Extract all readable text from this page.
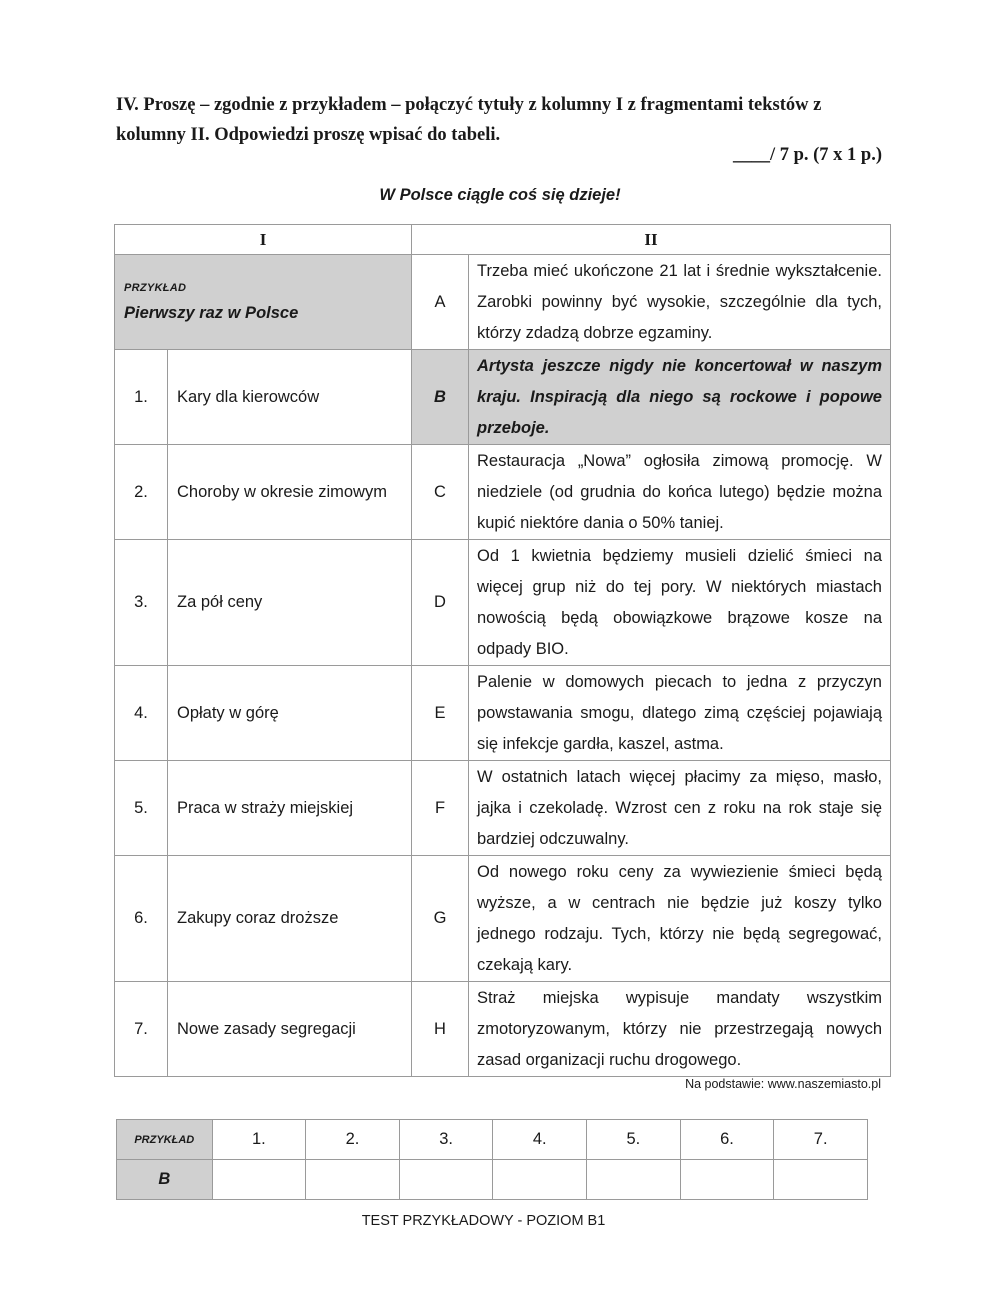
IV. Proszę – zgodnie z przykładem – połączyć tytuły z kolumny I z fragmentami tekstów z kolumny II. Odpowiedzi proszę wpisać do tabeli.
____/ 7 p. (7 x 1 p.)
W Polsce ciągle coś się dzieje!
I		II	

PRZYKŁAD
Pierwszy raz w Polsce		A	Trzeba mieć ukończone 21 lat i średnie wykształcenie. Zarobki powinny być wysokie, szczególnie dla tych, którzy zdadzą dobrze egzaminy.
1.	Kary dla kierowców	B	Artysta jeszcze nigdy nie koncertował w naszym kraju. Inspiracją dla niego są rockowe i popowe przeboje.
2.	Choroby w okresie zimowym	C	Restauracja „Nowa” ogłosiła zimową promocję. W niedziele (od grudnia do końca lutego) będzie można kupić niektóre dania o 50% taniej.
3.	Za pół ceny	D	Od 1 kwietnia będziemy musieli dzielić śmieci na więcej grup niż do tej pory. W niektórych miastach nowością będą obowiązkowe brązowe kosze na odpady BIO.
4.	Opłaty w górę	E	Palenie w domowych piecach to jedna z przyczyn powstawania smogu, dlatego zimą częściej pojawiają się infekcje gardła, kaszel, astma.
5.	Praca w straży miejskiej	F	W ostatnich latach więcej płacimy za mięso, masło, jajka i czekoladę. Wzrost cen z roku na rok staje się bardziej odczuwalny.
6.	Zakupy coraz droższe	G	Od nowego roku ceny za wywiezienie śmieci będą wyższe, a w centrach nie będzie już koszy tylko jednego rodzaju. Tych, którzy nie będą segregować, czekają kary.
7.	Nowe zasady segregacji	H	Straż miejska wypisuje mandaty wszystkim zmotoryzowanym, którzy nie przestrzegają nowych zasad organizacji ruchu drogowego.
Na podstawie: www.naszemiasto.pl
PRZYKŁAD	1.	2.	3.	4.	5.	6.	7.
B							
TEST PRZYKŁADOWY - POZIOM B1
